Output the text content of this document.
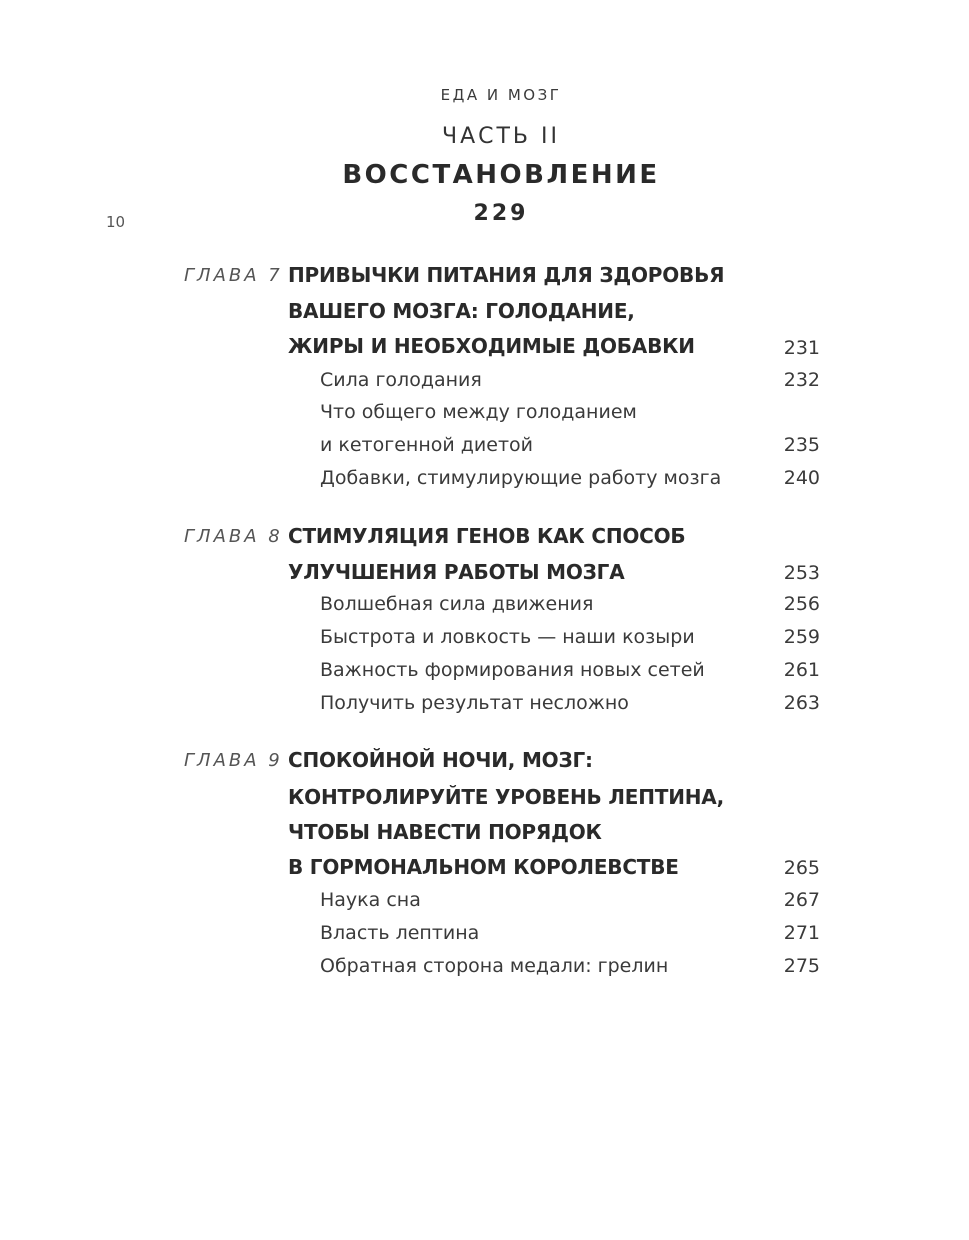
ЕДА И МОЗГ
ЧАСТЬ II
ВОССТАНОВЛЕНИЕ
229
10
ГЛАВА 7 ПРИВЫЧКИ ПИТАНИЯ ДЛЯ ЗДОРОВЬЯ
ВАШЕГО МОЗГА: ГОЛОДАНИЕ,
ЖИРЫ И НЕОБХОДИМЫЕ ДОБАВКИ	231
Сила голодания	232
Что общего между голоданием
и кетогенной диетой	235
Добавки, стимулирующие работу мозга	240
ГЛАВА 8 СТИМУЛЯЦИЯ ГЕНОВ КАК СПОСОБ
УЛУЧШЕНИЯ РАБОТЫ МОЗГА	253
Волшебная сила движения	256
Быстрота и ловкость — наши козыри	259
Важность формирования новых сетей	261
Получить результат несложно	263
ГЛАВА 9 СПОКОЙНОЙ НОЧИ, МОЗГ:
КОНТРОЛИРУЙТЕ УРОВЕНЬ ЛЕПТИНА,
ЧТОБЫ НАВЕСТИ ПОРЯДОК
В ГОРМОНАЛЬНОМ КОРОЛЕВСТВЕ	265
Наука сна	267
Власть лептина	271
Обратная сторона медали: грелин	275
